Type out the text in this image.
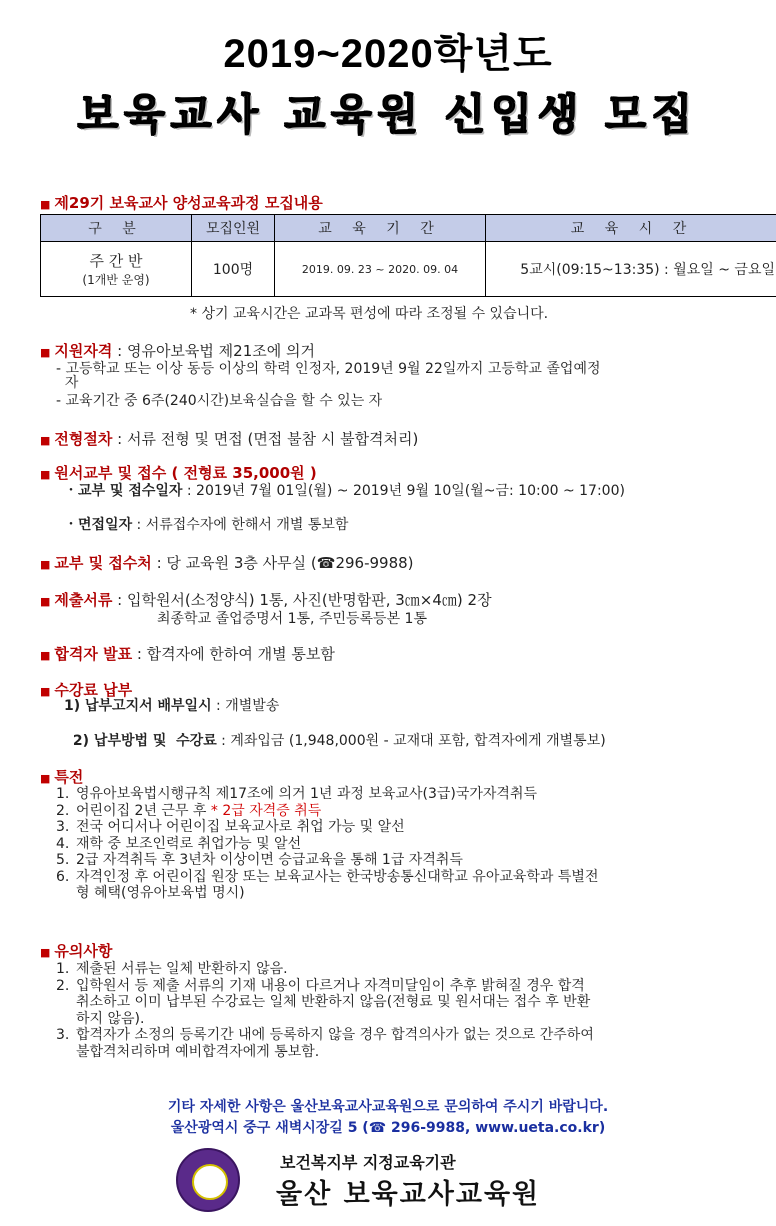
2019~2020학년도
보육교사 교육원 신입생 모집
■ 제29기 보육교사 양성교육과정 모집내용
구 분	모집인원	교 육 기 간	교 육 시 간

주 간 반
(1개반 운영)	100명	2019. 09. 23 ~ 2020. 09. 04	5교시(09:15~13:35) : 월요일 ~ 금요일
* 상기 교육시간은 교과목 편성에 따라 조정될 수 있습니다.
■ 지원자격 : 영유아보육법 제21조에 의거
- 고등학교 또는 이상 동등 이상의 학력 인정자, 2019년 9월 22일까지 고등학교 졸업예정
자
- 교육기간 중 6주(240시간)보육실습을 할 수 있는 자
■ 전형절차 : 서류 전형 및 면접 (면접 불참 시 불합격처리)
■ 원서교부 및 접수 ( 전형료 35,000원 )
・교부 및 접수일자 : 2019년 7월 01일(월) ~ 2019년 9월 10일(월~금: 10:00 ~ 17:00)
・면접일자 : 서류접수자에 한해서 개별 통보함
■ 교부 및 접수처 : 당 교육원 3층 사무실 (☎296-9988)
■ 제출서류 : 입학원서(소정양식) 1통, 사진(반명함판, 3㎝×4㎝) 2장
최종학교 졸업증명서 1통, 주민등록등본 1통
■ 합격자 발표 : 합격자에 한하여 개별 통보함
■ 수강료 납부
1) 납부고지서 배부일시 : 개별발송

2) 납부방법 및  수강료 : 계좌입금 (1,948,000원 - 교재대 포함, 합격자에게 개별통보)

■ 특전
1. 영유아보육법시행규칙 제17조에 의거 1년 과정 보육교사(3급)국가자격취득
2. 어린이집 2년 근무 후 * 2급 자격증 취득
3. 전국 어디서나 어린이집 보육교사로 취업 가능 및 알선
4. 재학 중 보조인력로 취업가능 및 알선
5. 2급 자격취득 후 3년차 이상이면 승급교육을 통해 1급 자격취득
6. 자격인정 후 어린이집 원장 또는 보육교사는 한국방송통신대학교 유아교육학과 특별전
형 혜택(영유아보육법 명시)
■ 유의사항
1. 제출된 서류는 일체 반환하지 않음.
2. 입학원서 등 제출 서류의 기재 내용이 다르거나 자격미달임이 추후 밝혀질 경우 합격
취소하고 이미 납부된 수강료는 일체 반환하지 않음(전형료 및 원서대는 접수 후 반환
하지 않음).
3. 합격자가 소정의 등록기간 내에 등록하지 않을 경우 합격의사가 없는 것으로 간주하여
불합격처리하며 예비합격자에게 통보함.
기타 자세한 사항은 울산보육교사교육원으로 문의하여 주시기 바랍니다.
울산광역시 중구 새벽시장길 5 (☎ 296-9988, www.ueta.co.kr)
보건복지부 지정교육기관
울산 보육교사교육원
